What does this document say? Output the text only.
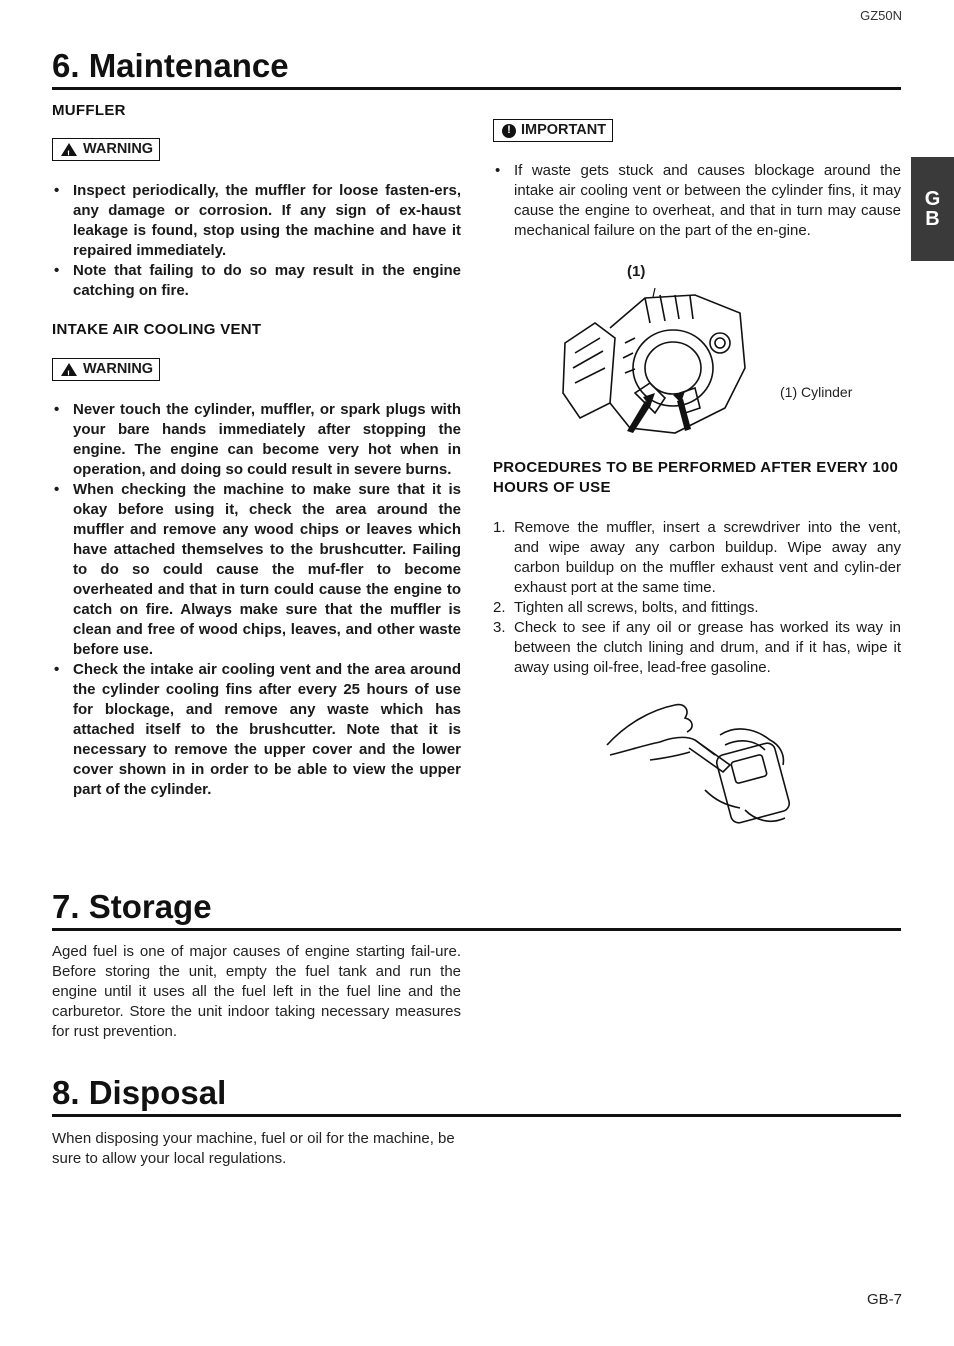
GZ50N
G
B
6. Maintenance
MUFFLER
!
WARNING
• Inspect periodically, the muffler for loose fasten-ers, any damage or corrosion. If any sign of ex-haust leakage is found, stop using the machine and have it repaired immediately.
• Note that failing to do so may result in the engine catching on fire.
INTAKE AIR COOLING VENT
!
WARNING
• Never touch the cylinder, muffler, or spark plugs with your bare hands immediately after stopping the engine. The engine can become very hot when in operation, and doing so could result in severe burns.
• When checking the machine to make sure that it is okay before using it, check the area around the muffler and remove any wood chips or leaves which have attached themselves to the brushcutter. Failing to do so could cause the muf-fler to become overheated and that in turn could cause the engine to catch on fire. Always make sure that the muffler is clean and free of wood chips, leaves, and other waste before use.
• Check the intake air cooling vent and the area around the cylinder cooling fins after every 25 hours of use for blockage, and remove any waste which has attached itself to the brushcutter. Note that it is necessary to remove the upper cover and the lower cover shown in in order to be able to view the upper part of the cylinder.
! IMPORTANT
• If waste gets stuck and causes blockage around the intake air cooling vent or between the cylinder fins, it may cause the engine to overheat, and that in turn may cause mechanical failure on the part of the en-gine.
(1)
(1) Cylinder
PROCEDURES TO BE PERFORMED AFTER EVERY 100 HOURS OF USE
1. Remove the muffler, insert a screwdriver into the vent, and wipe away any carbon buildup. Wipe away any carbon buildup on the muffler exhaust vent and cylin-der exhaust port at the same time.
2. Tighten all screws, bolts, and fittings.
3. Check to see if any oil or grease has worked its way in between the clutch lining and drum, and if it has, wipe it away using oil-free, lead-free gasoline.
7. Storage
Aged fuel is one of major causes of engine starting fail-ure. Before storing the unit, empty the fuel tank and run the engine until it uses all the fuel left in the fuel line and the carburetor. Store the unit indoor taking necessary measures for rust prevention.
8. Disposal
When disposing your machine, fuel or oil for the machine, be sure to allow your local regulations.
GB-7
